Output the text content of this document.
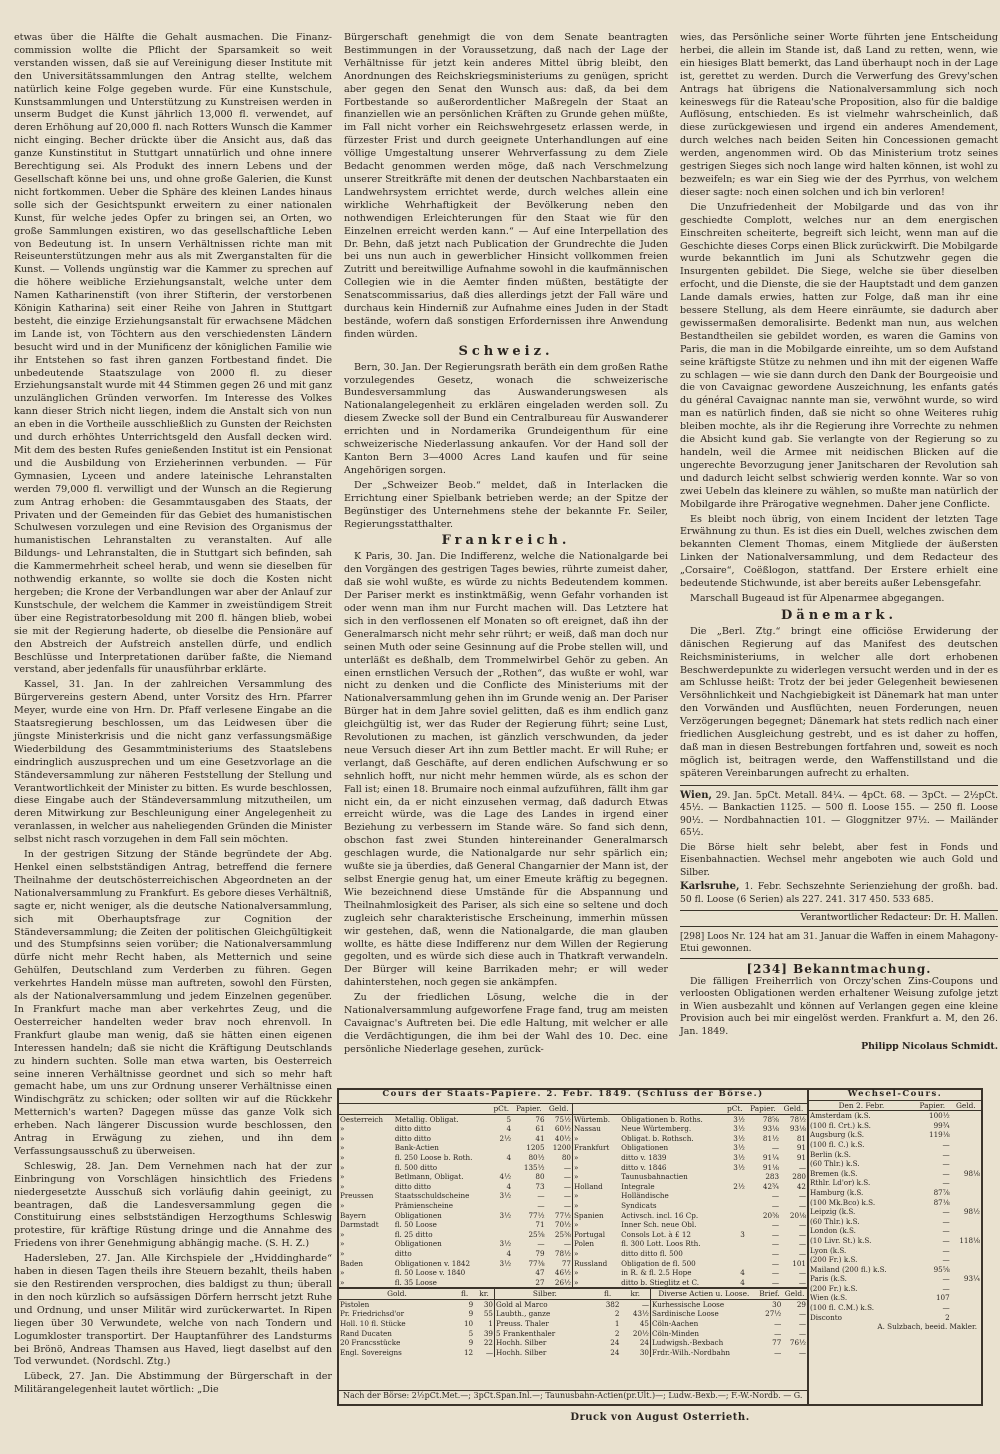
etwas über die Hälfte die Gehalt ausmachen. Die Finanz-commission wollte die Pflicht der Sparsamkeit so weit verstanden wissen, daß sie auf Vereinigung dieser Institute mit den Universitätssammlungen den Antrag stellte, welchem natürlich keine Folge gegeben wurde. Für eine Kunstschule, Kunstsammlungen und Unterstützung zu Kunstreisen werden in unserm Budget die Kunst jährlich 13,000 fl. verwendet, auf deren Erhöhung auf 20,000 fl. nach Rotters Wunsch die Kammer nicht einging. Becher drückte über die Ansicht aus, daß das ganze Kunstinstitut in Stuttgart unnatürlich und ohne innere Berechtigung sei. Als Produkt des innern Lebens und der Gesellschaft könne bei uns, und ohne große Galerien, die Kunst nicht fortkommen. Ueber die Sphäre des kleinen Landes hinaus solle sich der Gesichtspunkt erweitern zu einer nationalen Kunst, für welche jedes Opfer zu bringen sei, an Orten, wo große Sammlungen existiren, wo das gesellschaftliche Leben von Bedeutung ist. In unsern Verhältnissen richte man mit Reiseunterstützungen mehr aus als mit Zwerganstalten für die Kunst. — Vollends ungünstig war die Kammer zu sprechen auf die höhere weibliche Erziehungsanstalt, welche unter dem Namen Katharinenstift (von ihrer Stifterin, der verstorbenen Königin Katharina) seit einer Reihe von Jahren in Stuttgart besteht, die einzige Erziehungsanstalt für erwachsene Mädchen im Lande ist, von Töchtern aus den verschiedensten Ländern besucht wird und in der Munificenz der königlichen Familie wie ihr Entstehen so fast ihren ganzen Fortbestand findet. Die unbedeutende Staatszulage von 2000 fl. zu dieser Erziehungsanstalt wurde mit 44 Stimmen gegen 26 und mit ganz unzulänglichen Gründen verworfen. Im Interesse des Volkes kann dieser Strich nicht liegen, indem die Anstalt sich von nun an eben in die Vortheile ausschließlich zu Gunsten der Reichsten und durch erhöhtes Unterrichtsgeld den Ausfall decken wird. Mit dem des besten Rufes genießenden Institut ist ein Pensionat und die Ausbildung von Erzieherinnen verbunden. — Für Gymnasien, Lyceen und andere lateinische Lehranstalten werden 79,000 fl. verwilligt und der Wunsch an die Regierung zum Antrag erhoben: die Gesammtausgaben des Staats, der Privaten und der Gemeinden für das Gebiet des humanistischen Schulwesen vorzulegen und eine Revision des Organismus der humanistischen Lehranstalten zu veranstalten. Auf alle Bildungs- und Lehranstalten, die in Stuttgart sich befinden, sah die Kammermehrheit scheel herab, und wenn sie dieselben für nothwendig erkannte, so wollte sie doch die Kosten nicht hergeben; die Krone der Verbandlungen war aber der Anlauf zur Kunstschule, der welchem die Kammer in zweistündigem Streit über eine Registratorbesoldung mit 200 fl. hängen blieb, wobei sie mit der Regierung haderte, ob dieselbe die Pensionäre auf den Abstreich der Aufstreich anstellen dürfe, und endlich Beschlüsse und Interpretationen darüber faßte, die Niemand verstand, aber jedenfalls für unausführbar erklärte.

Kassel, 31. Jan. In der zahlreichen Versammlung des Bürgervereins gestern Abend, unter Vorsitz des Hrn. Pfarrer Meyer, wurde eine von Hrn. Dr. Pfaff verlesene Eingabe an die Staatsregierung beschlossen, um das Leidwesen über die jüngste Ministerkrisis und die nicht ganz verfassungsmäßige Wiederbildung des Gesammtministeriums des Staatslebens eindringlich auszusprechen und um eine Gesetzvorlage an die Ständeversammlung zur näheren Feststellung der Stellung und Verantwortlichkeit der Minister zu bitten. Es wurde beschlossen, diese Eingabe auch der Ständeversammlung mitzutheilen, um deren Mitwirkung zur Beschleunigung einer Angelegenheit zu veranlassen, in welcher aus naheliegenden Gründen die Minister selbst nicht rasch vorzugehen in dem Fall sein möchten.

In der gestrigen Sitzung der Stände begründete der Abg. Henkel einen selbstständigen Antrag, betreffend die fernere Theilnahme der deutschösterreichischen Abgeordneten an der Nationalversammlung zu Frankfurt. Es gebore dieses Verhältniß, sagte er, nicht weniger, als die deutsche Nationalversammlung, sich mit Oberhauptsfrage zur Cognition der Ständeversammlung; die Zeiten der politischen Gleichgültigkeit und des Stumpfsinns seien vorüber; die Nationalversammlung dürfe nicht mehr Recht haben, als Metternich und seine Gehülfen, Deutschland zum Verderben zu führen. Gegen verkehrtes Handeln müsse man auftreten, sowohl den Fürsten, als der Nationalversammlung und jedem Einzelnen gegenüber. In Frankfurt mache man aber verkehrtes Zeug, und die Oesterreicher handelten weder brav noch ehrenvoll. In Frankfurt glaube man wenig, daß sie hätten einen eigenen Interessen handeln; daß sie nicht die Kräftigung Deutschlands zu hindern suchten. Solle man etwa warten, bis Oesterreich seine inneren Verhältnisse geordnet und sich so mehr haft gemacht habe, um uns zur Ordnung unserer Verhältnisse einen Windischgrätz zu schicken; oder sollten wir auf die Rückkehr Metternich's warten? Dagegen müsse das ganze Volk sich erheben. Nach längerer Discussion wurde beschlossen, den Antrag in Erwägung zu ziehen, und ihn dem Verfassungsausschuß zu überweisen.

Schleswig, 28. Jan. Dem Vernehmen nach hat der zur Einbringung von Vorschlägen hinsichtlich des Friedens niedergesetzte Ausschuß sich vorläufig dahin geeinigt, zu beantragen, daß die Landesversammlung gegen die Constituirung eines selbstständigen Herzogthums Schleswig protestire, für kräftige Rüstung dringe und die Annahme des Friedens von ihrer Genehmigung abhängig mache. (S. H. Z.)

Hadersleben, 27. Jan. Alle Kirchspiele der „Hviddingharde“ haben in diesen Tagen theils ihre Steuern bezahlt, theils haben sie den Restirenden versprochen, dies baldigst zu thun; überall in den noch kürzlich so aufsässigen Dörfern herrscht jetzt Ruhe und Ordnung, und unser Militär wird zurückerwartet. In Ripen liegen über 30 Verwundete, welche von nach Tondern und Logumkloster transportirt. Der Hauptanführer des Landsturms bei Brönö, Andreas Thamsen aus Haved, liegt daselbst auf den Tod verwundet. (Nordschl. Ztg.)

Lübeck, 27. Jan. Die Abstimmung der Bürgerschaft in der Militärangelegenheit lautet wörtlich: „Die

Bürgerschaft genehmigt die von dem Senate beantragten Bestimmungen in der Voraussetzung, daß nach der Lage der Verhältnisse für jetzt kein anderes Mittel übrig bleibt, den Anordnungen des Reichskriegsministeriums zu genügen, spricht aber gegen den Senat den Wunsch aus: daß, da bei dem Fortbestande so außerordentlicher Maßregeln der Staat an finanziellen wie an persönlichen Kräften zu Grunde gehen müßte, im Fall nicht vorher ein Reichswehrgesetz erlassen werde, in fürzester Frist und durch geeignete Unterhandlungen auf eine völlige Umgestaltung unserer Wehrverfassung zu dem Ziele Bedacht genommen werden möge, daß nach Verschmelzung unserer Streitkräfte mit denen der deutschen Nachbarstaaten ein Landwehrsystem errichtet werde, durch welches allein eine wirkliche Wehrhaftigkeit der Bevölkerung neben den nothwendigen Erleichterungen für den Staat wie für den Einzelnen erreicht werden kann.“ — Auf eine Interpellation des Dr. Behn, daß jetzt nach Publication der Grundrechte die Juden bei uns nun auch in gewerblicher Hinsicht vollkommen freien Zutritt und bereitwillige Aufnahme sowohl in die kaufmännischen Collegien wie in die Aemter finden müßten, bestätigte der Senatscommissarius, daß dies allerdings jetzt der Fall wäre und durchaus kein Hinderniß zur Aufnahme eines Juden in der Stadt bestände, wofern daß sonstigen Erfordernissen ihre Anwendung finden würden.

Schweiz.

Bern, 30. Jan. Der Regierungsrath beräth ein dem großen Rathe vorzulegendes Gesetz, wonach die schweizerische Bundesversammlung das Auswanderungswesen als Nationalangelegenheit zu erklären eingeladen werden soll. Zu diesem Zwecke soll der Bund ein Centralbureau für Auswanderer errichten und in Nordamerika Grundeigenthum für eine schweizerische Niederlassung ankaufen. Vor der Hand soll der Kanton Bern 3—4000 Acres Land kaufen und für seine Angehörigen sorgen.

Der „Schweizer Beob.“ meldet, daß in Interlacken die Errichtung einer Spielbank betrieben werde; an der Spitze der Begünstiger des Unternehmens stehe der bekannte Fr. Seiler, Regierungsstatthalter.

Frankreich.

K Paris, 30. Jan. Die Indifferenz, welche die Nationalgarde bei den Vorgängen des gestrigen Tages bewies, rührte zumeist daher, daß sie wohl wußte, es würde zu nichts Bedeutendem kommen. Der Pariser merkt es instinktmäßig, wenn Gefahr vorhanden ist oder wenn man ihm nur Furcht machen will. Das Letztere hat sich in den verflossenen elf Monaten so oft ereignet, daß ihn der Generalmarsch nicht mehr sehr rührt; er weiß, daß man doch nur seinen Muth oder seine Gesinnung auf die Probe stellen will, und unterläßt es deßhalb, dem Trommelwirbel Gehör zu geben. An einen ernstlichen Versuch der „Rothen“, das wußte er wohl, war nicht zu denken und die Conflicte des Ministeriums mit der Nationalversammlung gehen ihn im Grunde wenig an. Der Pariser Bürger hat in dem Jahre soviel gelitten, daß es ihm endlich ganz gleichgültig ist, wer das Ruder der Regierung führt; seine Lust, Revolutionen zu machen, ist gänzlich verschwunden, da jeder neue Versuch dieser Art ihn zum Bettler macht. Er will Ruhe; er verlangt, daß Geschäfte, auf deren endlichen Aufschwung er so sehnlich hofft, nur nicht mehr hemmen würde, als es schon der Fall ist; einen 18. Brumaire noch einmal aufzuführen, fällt ihm gar nicht ein, da er nicht einzusehen vermag, daß dadurch Etwas erreicht würde, was die Lage des Landes in irgend einer Beziehung zu verbessern im Stande wäre. So fand sich denn, obschon fast zwei Stunden hintereinander Generalmarsch geschlagen wurde, die Nationalgarde nur sehr spärlich ein; wußte sie ja überdies, daß General Changarnier der Mann ist, der selbst Energie genug hat, um einer Emeute kräftig zu begegnen. Wie bezeichnend diese Umstände für die Abspannung und Theilnahmlosigkeit des Pariser, als sich eine so seltene und doch zugleich sehr charakteristische Erscheinung, immerhin müssen wir gestehen, daß, wenn die Nationalgarde, die man glauben wollte, es hätte diese Indifferenz nur dem Willen der Regierung gegolten, und es würde sich diese auch in Thatkraft verwandeln. Der Bürger will keine Barrikaden mehr; er will weder dahinterstehen, noch gegen sie ankämpfen.

Zu der friedlichen Lösung, welche die in der Nationalversammlung aufgeworfene Frage fand, trug am meisten Cavaignac's Auftreten bei. Die edle Haltung, mit welcher er alle die Verdächtigungen, die ihm bei der Wahl des 10. Dec. eine persönliche Niederlage gesehen, zurück-

wies, das Persönliche seiner Worte führten jene Entscheidung herbei, die allein im Stande ist, daß Land zu retten, wenn, wie ein hiesiges Blatt bemerkt, das Land überhaupt noch in der Lage ist, gerettet zu werden. Durch die Verwerfung des Grevy'schen Antrags hat übrigens die Nationalversammlung sich noch keineswegs für die Rateau'sche Proposition, also für die baldige Auflösung, entschieden. Es ist vielmehr wahrscheinlich, daß diese zurückgewiesen und irgend ein anderes Amendement, durch welches nach beiden Seiten hin Concessionen gemacht werden, angenommen wird. Ob das Ministerium trotz seines gestrigen Sieges sich noch lange wird halten können, ist wohl zu bezweifeln; es war ein Sieg wie der des Pyrrhus, von welchem dieser sagte: noch einen solchen und ich bin verloren!

Die Unzufriedenheit der Mobilgarde und das von ihr geschiedte Complott, welches nur an dem energischen Einschreiten scheiterte, begreift sich leicht, wenn man auf die Geschichte dieses Corps einen Blick zurückwirft. Die Mobilgarde wurde bekanntlich im Juni als Schutzwehr gegen die Insurgenten gebildet. Die Siege, welche sie über dieselben erfocht, und die Dienste, die sie der Hauptstadt und dem ganzen Lande damals erwies, hatten zur Folge, daß man ihr eine bessere Stellung, als dem Heere einräumte, sie dadurch aber gewissermaßen demoralisirte. Bedenkt man nun, aus welchen Bestandtheilen sie gebildet worden, es waren die Gamins von Paris, die man in die Mobilgarde einreihte, um so dem Aufstand seine kräftigste Stütze zu nehmen und ihn mit der eigenen Waffe zu schlagen — wie sie dann durch den Dank der Bourgeoisie und die von Cavaignac gewordene Auszeichnung, les enfants gatés du général Cavaignac nannte man sie, verwöhnt wurde, so wird man es natürlich finden, daß sie nicht so ohne Weiteres ruhig bleiben mochte, als ihr die Regierung ihre Vorrechte zu nehmen die Absicht kund gab. Sie verlangte von der Regierung so zu handeln, weil die Armee mit neidischen Blicken auf die ungerechte Bevorzugung jener Janitscharen der Revolution sah und dadurch leicht selbst schwierig werden konnte. War so von zwei Uebeln das kleinere zu wählen, so mußte man natürlich der Mobilgarde ihre Prärogative wegnehmen. Daher jene Conflicte.

Es bleibt noch übrig, von einem Incident der letzten Tage Erwähnung zu thun. Es ist dies ein Duell, welches zwischen dem bekannten Clement Thomas, einem Mitgliede der äußersten Linken der Nationalversammlung, und dem Redacteur des „Corsaire“, Coëßlogon, stattfand. Der Erstere erhielt eine bedeutende Stichwunde, ist aber bereits außer Lebensgefahr.

Marschall Bugeaud ist für Alpenarmee abgegangen.

Dänemark.

Die „Berl. Ztg.“ bringt eine officiöse Erwiderung der dänischen Regierung auf das Manifest des deutschen Reichsministeriums, in welcher alle dort erhobenen Beschwerdepunkte zu widerlegen versucht werden und in der es am Schlusse heißt: Trotz der bei jeder Gelegenheit bewiesenen Versöhnlichkeit und Nachgiebigkeit ist Dänemark hat man unter den Vorwänden und Ausflüchten, neuen Forderungen, neuen Verzögerungen begegnet; Dänemark hat stets redlich nach einer friedlichen Ausgleichung gestrebt, und es ist daher zu hoffen, daß man in diesen Bestrebungen fortfahren und, soweit es noch möglich ist, beitragen werde, den Waffenstillstand und die späteren Vereinbarungen aufrecht zu erhalten.

Wien, 29. Jan. 5pCt. Metall. 84¼. — 4pCt. 68. — 3pCt. — 2½pCt. 45½. — Bankactien 1125. — 500 fl. Loose 155. — 250 fl. Loose 90½. — Nordbahnactien 101. — Gloggnitzer 97½. — Mailänder 65½.
Die Börse hielt sehr belebt, aber fest in Fonds und Eisenbahnactien. Wechsel mehr angeboten wie auch Gold und Silber.
Karlsruhe, 1. Febr. Sechszehnte Serienziehung der großh. bad. 50 fl. Loose (6 Serien) als 227. 241. 317 450. 533 685.
Verantwortlicher Redacteur: Dr. H. Mallen.
[298] Loos Nr. 124 hat am 31. Januar die Waffen in einem Mahagony-Etui gewonnen.
[234] Bekanntmachung.

Die fälligen Freiherrlich von Orczy'schen Zins-Coupons und verloosten Obligationen werden erhaltener Weisung zufolge jetzt in Wien ausbezahlt und können auf Verlangen gegen eine kleine Provision auch bei mir eingelöst werden. Frankfurt a. M, den 26. Jan. 1849.

Philipp Nicolaus Schmidt.
Cours der Staats-Papiere. 2. Febr. 1849. (Schluss der Börse.)
		pCt.	Papier.	Geld.
Oesterreich	Metallig. Obligat.	5	76	75½
»	ditto ditto	4	61	60½
»	ditto ditto	2½	41	40½
»	Bank-Actien		1205	1200
»	fl. 250 Loose b. Roth.	4	80½	80
»	fl. 500 ditto		135½	—
»	Betlmann, Obligat.	4½	80	—
»	ditto ditto	4	73	—
Preussen	Staatsschuldscheine	3½	—	—
»	Prämienscheine		—	—
Bayern	Obligationen	3½	77½	77½
Darmstadt	fl. 50 Loose		71	70½
»	fl. 25 ditto		25⅝	25⅜
»	Obligationen	3½	—	—
»	ditto	4	79	78½
Baden	Obligationen v. 1842	3½	77⅜	77
»	fl. 50 Loose v. 1840		47	46½
»	fl. 35 Loose		27	26½
		pCt.	Papier.	Geld.
Würtemb.	Obligationen b. Roths.	3½	78⅝	78½
Nassau	Neue Würtemberg.	3½	93⅛	93⅛
»	Obligat. b. Rothsch.	3½	81½	81
Frankfurt	Obligationen	3½	—	91
»	ditto v. 1839	3½	91¼	91
»	ditto v. 1846	3½	91⅛	—
»	Taunusbahnactien		283	280
Holland	Integrale	2½	42¾	42
»	Holländische		—	—
»	Syndicats		—	—
Spanien	Activsch. incl. 16 Cp.		20⅜	20⅛
»	Inner Sch. neue Obl.		—	—
Portugal	Consols Lot. à £ 12	3	—	—
Polen	fl. 300 Lott. Loos Rth.		—	—
»	ditto ditto fl. 500		—	—
Russland	Obligation de fl. 500		—	101
»	in R. & fl. 2.5 Hope	4	—	—
»	ditto b. Stieglitz et C.	4	—	—
Gold.	fl.	kr.
Pistolen	9	30
Pr. Friedrichsd'or	9	55
Holl. 10 fl. Stücke	10	1
Rand Ducaten	5	39
20 Francsstücke	9	22
Engl. Sovereigns	12	—
Silber.	fl.	kr.
Gold al Marco	382	—
Laubth., ganze	2	43½
Preuss. Thaler	1	45
5 Frankenthaler	2	20½
Hochh. Silber	24	24
Hochh. Silber	24	30
Diverse Actien u. Loose.	Brief.	Geld.
Kurhessische Loose	30	29
Sardinische Loose	27½	—
Cöln-Aachen	—	—
Cöln-Minden	—	—
Ludwigsh.-Bexbach	77	76½
Frdr.-Wilh.-Nordbahn	—	—
Nach der Börse: 2½pCt.Met.—; 3pCt.Span.Inl.—; Taunusbahn-Actien(pr.Ult.)—; Ludw.-Bexb.—; F.-W.-Nordb. — G.
Wechsel-Cours.
Den 2. Febr.	Papier.	Geld.
Amsterdam (k.S.	100½	
(100 fl. Crt.) k.S.	99¾	
Augsburg (k.S.	119⅛	
(100 fl. C.) k.S.	—	
Berlin (k.S.	—	
(60 Thlr.) k.S.	—	
Bremen (k.S.	—	98⅛
Rthlr. Ld'or) k.S.	—	
Hamburg (k.S.	87⅞	
(100 Mk.Bco) k.S.	87⅛	
Leipzig (k.S.	—	98½
(60 Thlr.) k.S.	—	
London (k.S.	—	
(10 Livr. St.) k.S.	—	118⅛
Lyon (k.S.	—	
(200 Fr.) k.S.	—	
Mailand (200 fl.) k.S.	95⅝	
Paris (k.S.	—	93¼
(200 Fr.) k.S.	—	
Wien (k.S.	107	
(100 fl. C.M.) k.S.	—	
Disconto	2	
A. Sulzbach, beeid. Makler.
Druck von August Osterrieth.
